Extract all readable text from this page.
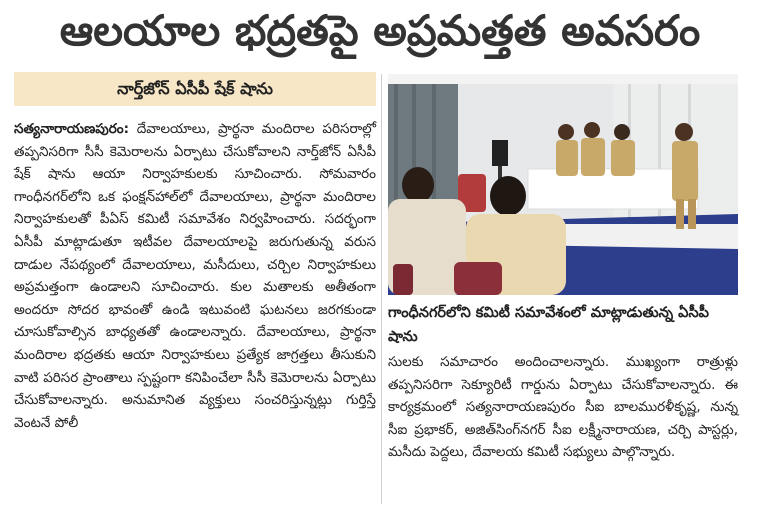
ఆలయాల భద్రతపై అప్రమత్తత అవసరం
నార్త్‌జోన్ ఏసీపీ షేక్ షాను
సత్యనారాయణపురం: దేవాలయాలు, ప్రార్థనా మందిరాల పరిసరాల్లో తప్పనిసరిగా సీసీ కెమెరాలను ఏర్పాటు చేసుకోవాలని నార్త్‌జోన్ ఏసీపీ షేక్ షాను ఆయా నిర్వాహకులకు సూచించారు. సోమవారం గాంధీనగర్‌లోని ఒక ఫంక్షన్‌హాల్‌లో దేవాలయాలు, ప్రార్థనా మందిరాల నిర్వాహకులతో పీఏస్ కమిటీ సమావేశం నిర్వహించారు. సదర్భంగా ఏసీపీ మాట్లాడుతూ ఇటీవల దేవాలయాలపై జరుగుతున్న వరుస దాడుల నేపథ్యంలో దేవాలయాలు, మసీదులు, చర్చిల నిర్వాహకులు అప్రమత్తంగా ఉండాలని సూచించారు. కుల మతాలకు అతీతంగా అందరూ సోదర భావంతో ఉండి ఇటువంటి ఘటనలు జరగకుండా చూసుకోవాల్సిన బాధ్యతతో ఉండాలన్నారు. దేవాలయాలు, ప్రార్థనా మందిరాల భద్రతకు ఆయా నిర్వాహకులు ప్రత్యేక జాగ్రత్తలు తీసుకుని వాటి పరిసర ప్రాంతాలు స్పష్టంగా కనిపించేలా సీసీ కెమెరాలను ఏర్పాటు చేసుకోవాలన్నారు. అనుమానిత వ్యక్తులు సంచరిస్తున్నట్లు గుర్తిస్తే వెంటనే పోలీ
గాంధీనగర్‌లోని కమిటీ సమావేశంలో మాట్లాడుతున్న ఏసీపీ షాను
సులకు సమాచారం అందించాలన్నారు. ముఖ్యంగా రాత్రుళ్లు తప్పనిసరిగా సెక్యూరిటీ గార్డును ఏర్పాటు చేసుకోవాలన్నారు. ఈ కార్యక్రమంలో సత్యనారాయణపురం సీఐ బాలమురళీకృష్ణ, నున్న సీఐ ప్రభాకర్, అజిత్‌సింగ్‌నగర్ సీఐ లక్ష్మీనారాయణ, చర్చి పాస్టర్లు, మసీదు పెద్దలు, దేవాలయ కమిటీ సభ్యులు పాల్గొన్నారు.
